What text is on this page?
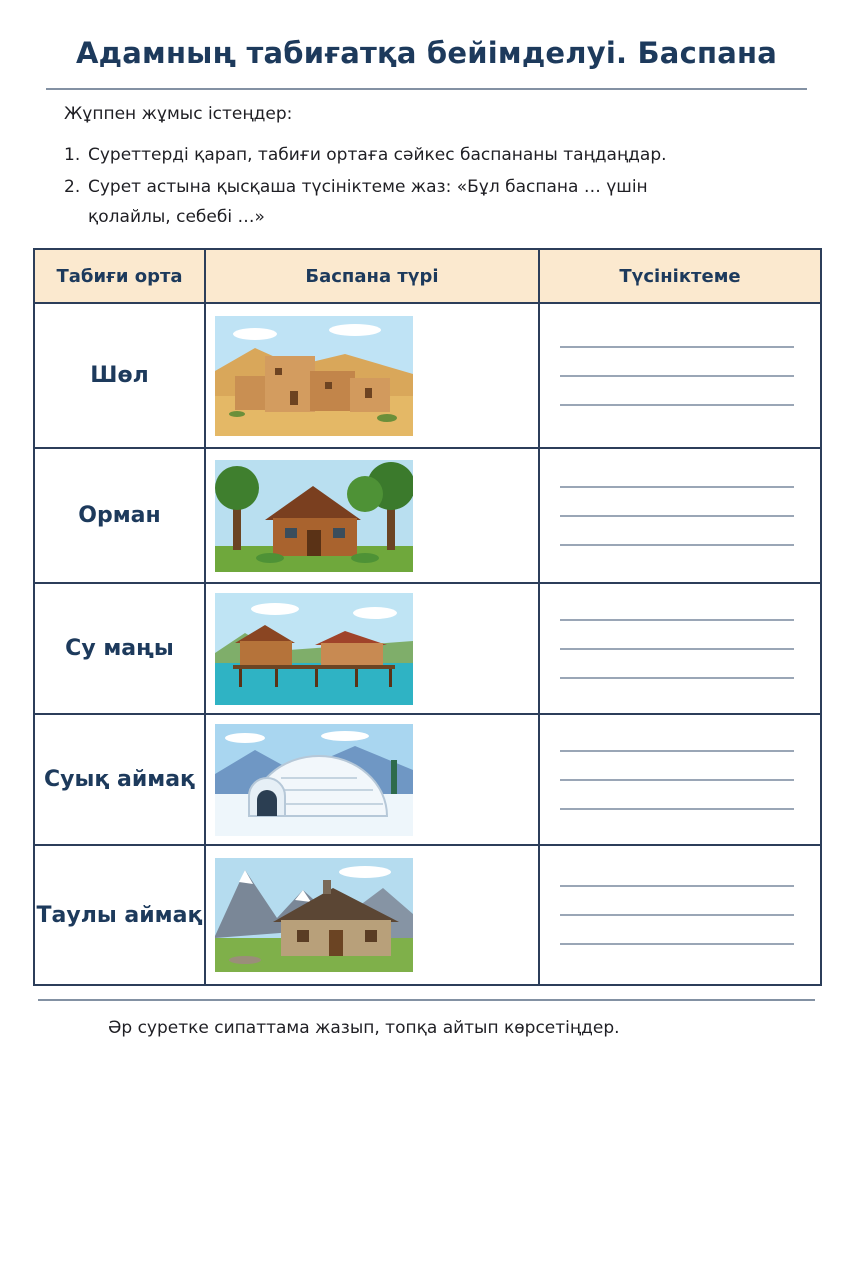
Адамның табиғатқа бейімделуі. Баспана
Жұппен жұмыс істеңдер:
1. Суреттерді қарап, табиғи ортаға сәйкес баспананы таңдаңдар.
2. Сурет астына қысқаша түсініктеме жаз: «Бұл баспана … үшін қолайлы, себебі …»
Табиғи орта	Баспана түрі	Түсініктеме
Шөл	

Орман	

Су маңы	

Суық аймақ	

Таулы аймақ	

Әр суретке сипаттама жазып, топқа айтып көрсетіңдер.
